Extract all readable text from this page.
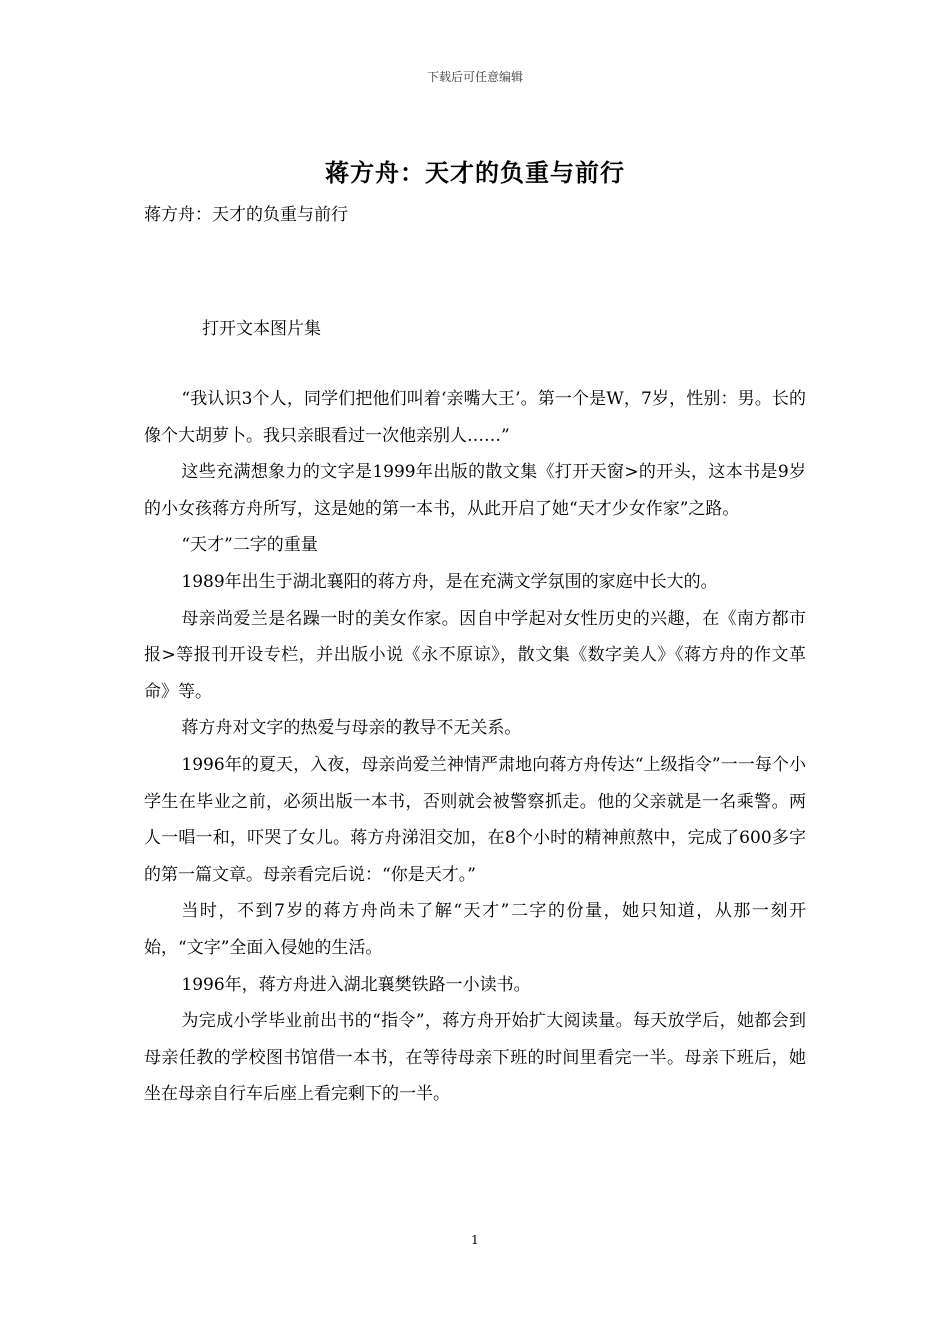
下载后可任意编辑
蒋方舟：天才的负重与前行
蒋方舟：天才的负重与前行
打开文本图片集

“我认识3个人，同学们把他们叫着‘亲嘴大王’。第一个是W，7岁，性别：男。长的像个大胡萝卜。我只亲眼看过一次他亲别人……”

这些充满想象力的文字是1999年出版的散文集《打开天窗>的开头，这本书是9岁的小女孩蒋方舟所写，这是她的第一本书，从此开启了她“天才少女作家”之路。

“天才”二字的重量

1989年出生于湖北襄阳的蒋方舟，是在充满文学氛围的家庭中长大的。

母亲尚爱兰是名躁一时的美女作家。因自中学起对女性历史的兴趣，在《南方都市报>等报刊开设专栏，并出版小说《永不原谅》，散文集《数字美人》《蒋方舟的作文革命》等。

蒋方舟对文字的热爱与母亲的教导不无关系。

1996年的夏天，入夜，母亲尚爱兰神情严肃地向蒋方舟传达“上级指令”一一每个小学生在毕业之前，必须出版一本书，否则就会被警察抓走。他的父亲就是一名乘警。两人一唱一和，吓哭了女儿。蒋方舟涕泪交加，在8个小时的精神煎熬中，完成了600多字的第一篇文章。母亲看完后说：“你是天才。”

当时，不到7岁的蒋方舟尚未了解“天才”二字的份量，她只知道，从那一刻开始，“文字”全面入侵她的生活。

1996年，蒋方舟进入湖北襄樊铁路一小读书。

为完成小学毕业前出书的“指令”，蒋方舟开始扩大阅读量。每天放学后，她都会到母亲任教的学校图书馆借一本书，在等待母亲下班的时间里看完一半。母亲下班后，她坐在母亲自行车后座上看完剩下的一半。

1
